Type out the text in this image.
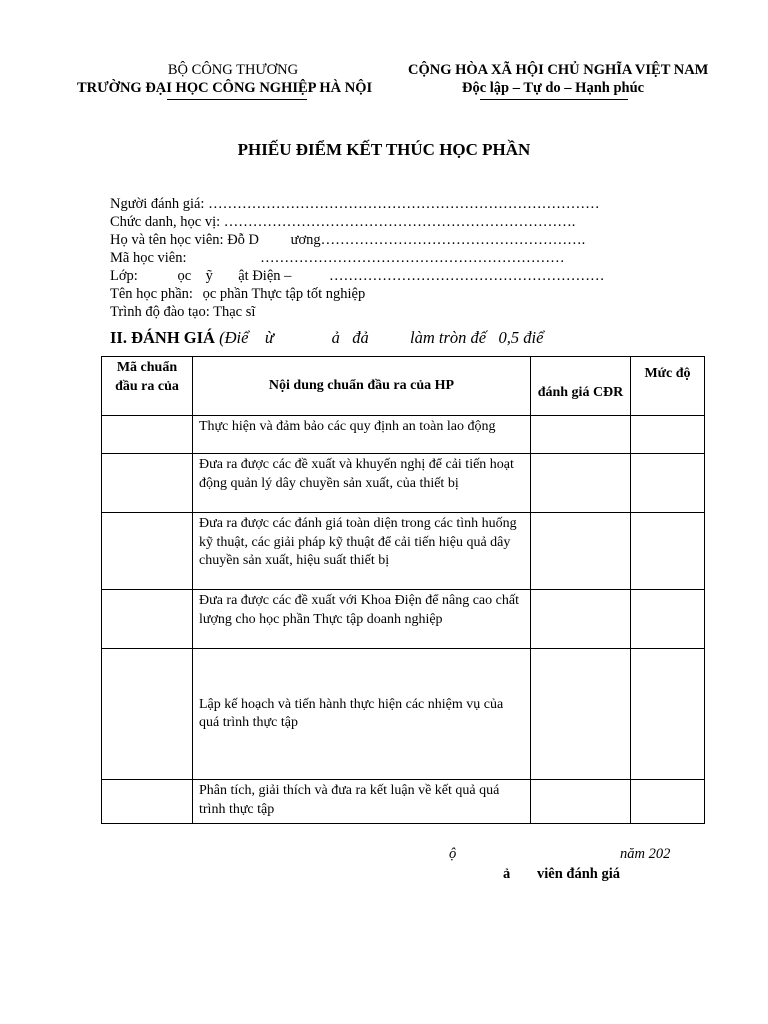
BỘ CÔNG THƯƠNG
TRƯỜNG ĐẠI HỌC CÔNG NGHIỆP HÀ NỘI
CỘNG HÒA XÃ HỘI CHỦ NGHĨA VIỆT NAM
Độc lập – Tự do – Hạnh phúc
PHIẾU ĐIỂM KẾT THÚC HỌC PHẦN
Người đánh giá: ………………………………………………………………………
Chức danh, học vị: ……………………………………………………………….
Họ và tên học viên: Đỗ D ương……………………………………………….
Mã học viên:	………………………………………………………
Lớp:	ọc    ỹ       ật Điện –	…………………………………………………
Tên học phần: ọc phần Thực tập tốt nghiệp
Trình độ đào tạo: Thạc sĩ
II. ĐÁNH GIÁ (Điể    ừ              ả   đả          làm tròn đế   0,5 điể
Mã chuẩn đầu ra của	Nội dung chuẩn đầu ra của HP	đánh giá CĐR	Mức độ
	Thực hiện và đảm bảo các quy định an toàn lao động		
	Đưa ra được các đề xuất và khuyến nghị để cải tiến hoạt động quản lý dây chuyền sản xuất, của thiết bị		
	Đưa ra được các đánh giá toàn diện trong các tình huống kỹ thuật, các giải pháp kỹ thuật để cải tiến hiệu quả dây chuyền sản xuất, hiệu suất thiết bị		
	Đưa ra được các đề xuất với Khoa Điện để nâng cao chất lượng cho học phần Thực tập doanh nghiệp		
	Lập kế hoạch và tiến hành thực hiện các nhiệm vụ của quá trình thực tập		
	Phân tích, giải thích và đưa ra kết luận về kết quả quá trình thực tập		
ộ	năm 202
ả viên đánh giá
